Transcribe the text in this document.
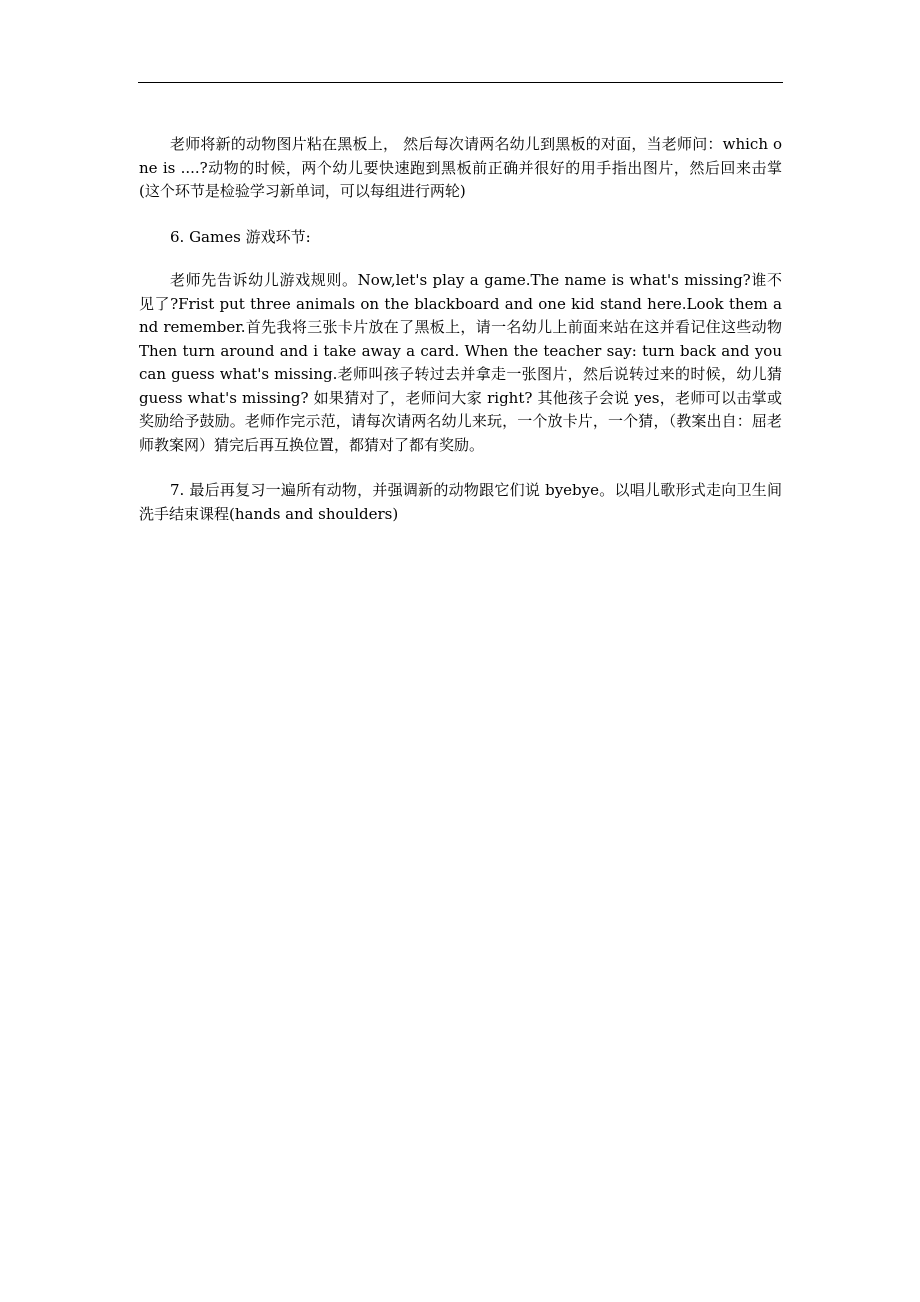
老师将新的动物图片粘在黑板上， 然后每次请两名幼儿到黑板的对面，当老师问：which one is ....?动物的时候，两个幼儿要快速跑到黑板前正确并很好的用手指出图片，然后回来击掌(这个环节是检验学习新单词，可以每组进行两轮)

6. Games 游戏环节:

老师先告诉幼儿游戏规则。Now,let's play a game.The name is what's missing?谁不见了?Frist put three animals on the blackboard and one kid stand here.Look them and remember.首先我将三张卡片放在了黑板上，请一名幼儿上前面来站在这并看记住这些动物 Then turn around and i take away a card. When the teacher say: turn back and you can guess what's missing.老师叫孩子转过去并拿走一张图片，然后说转过来的时候，幼儿猜 guess what's missing? 如果猜对了，老师问大家 right? 其他孩子会说 yes，老师可以击掌或奖励给予鼓励。老师作完示范，请每次请两名幼儿来玩，一个放卡片，一个猜，（教案出自：屈老师教案网）猜完后再互换位置，都猜对了都有奖励。

7. 最后再复习一遍所有动物，并强调新的动物跟它们说 byebye。以唱儿歌形式走向卫生间洗手结束课程(hands and shoulders)
